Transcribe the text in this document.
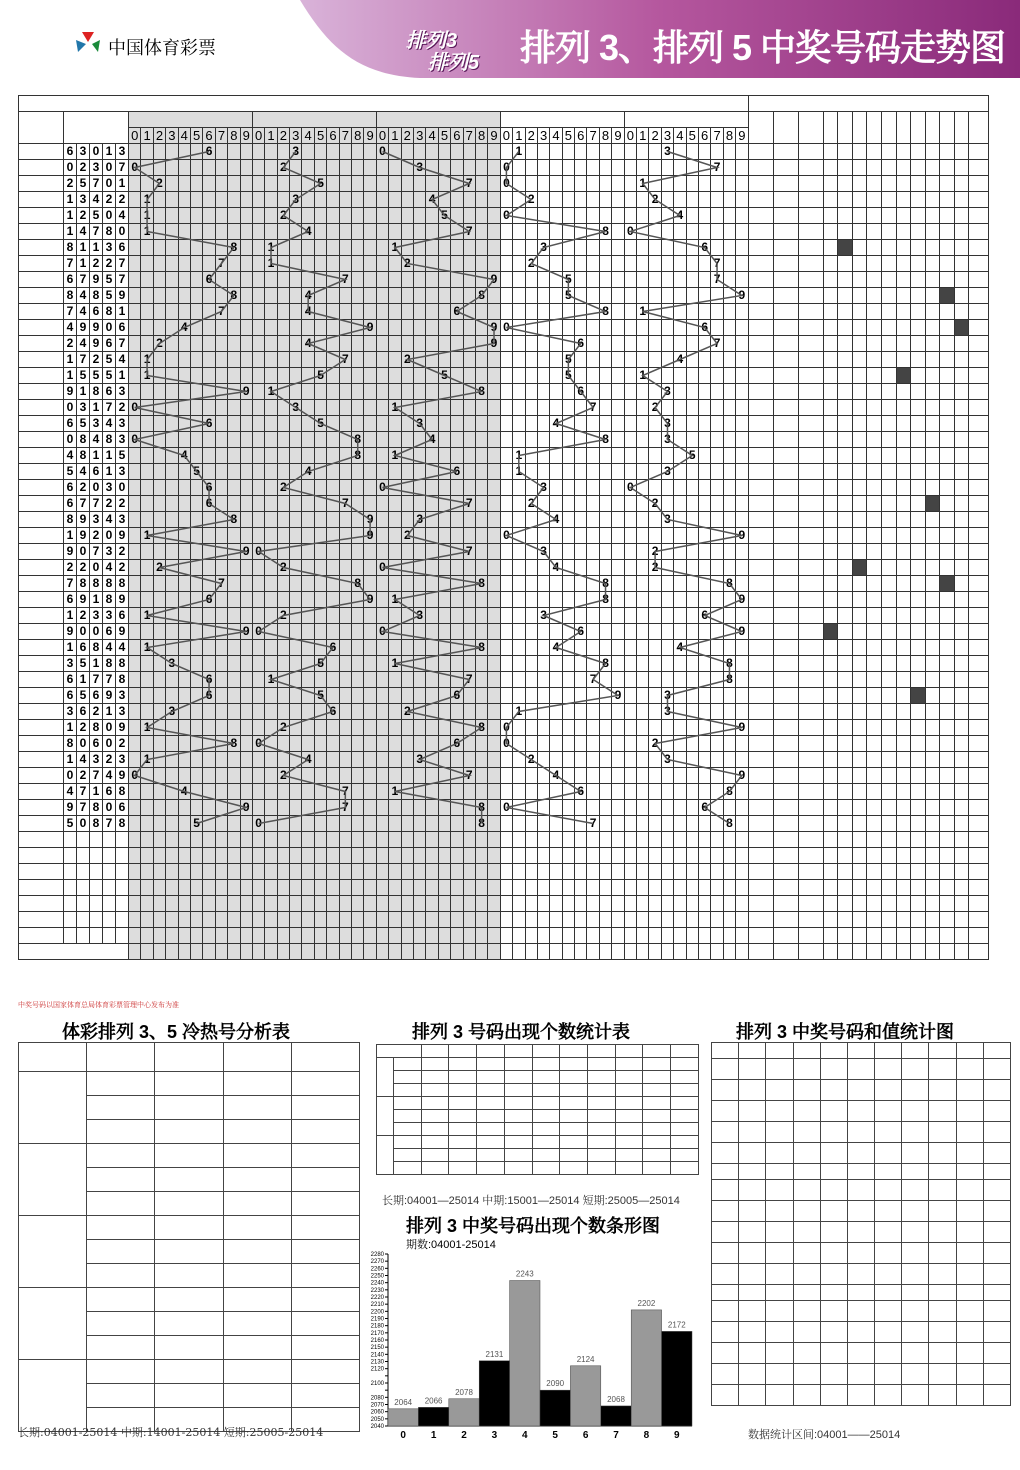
中国体育彩票	排列3
排列5 排列 3、排列 5 中奖号码走势图

0	1	2	3	4	5	6	7	8	9	0	1	2	3	4	5	6	7	8	9	0	1	2	3	4	5	6	7	8	9	0	1	2	3	4	5	6	7	8	9	0	1	2	3	4	5	6	7	8	9
	6	3	0	1	3							6							3							0											1												3																				
	0	2	3	0	7	0												2											3							0																	7																
	2	5	7	0	1			2													5												7			0											1																						
	1	3	4	2	2		1												3											4								2										2																					
	1	2	5	0	4		1											2													5					0														4																			
	1	4	7	8	0		1													4													7											8		0																							
	8	1	1	3	6									8			1										1												3													6																	
	7	1	2	2	7								7				1											2										2															7																
	6	7	9	5	7							6											7												9						5												7																
	8	4	8	5	9									8						4														8							5														9														
	7	4	6	8	1								7							4												6												8			1																						
	4	9	9	0	6					4															9										9	0																6																	
	2	4	9	6	7			2												4															9							6											7																
	1	7	2	5	4		1																7					2													5									4																			
	1	5	5	5	1		1														5										5										5						1																						
	9	1	8	6	3										9		1																	8								6							3																				
	0	3	1	7	2	0													3								1																7					2																					
	6	5	3	4	3							6									5								3											4									3																				
	0	8	4	8	3	0																		8						4														8					3																				
	4	8	1	1	5					4														8			1										1														5																		
	5	4	6	1	3						5									4												6					1												3																				
	6	2	0	3	0							6						2								0													3							0																							
	6	7	7	2	2							6											7										7					2										2																					
	8	9	3	4	3									8											9				3											4									3																				
	1	9	2	0	9		1																		9			2								0																			9														
	9	0	7	3	2										9	0																	7						3									2																					
	2	2	0	4	2			2										2								0														4								2																					
	7	8	8	8	8								7											8										8										8										8															
	6	9	1	8	9							6													9		1																	8											9														
	1	2	3	3	6		1											2											3										3													6																	
	9	0	0	6	9										9	0										0																6													9														
	1	6	8	4	4		1															6												8						4										4																			
	3	5	1	8	8				3												5						1																	8										8															
	6	1	7	7	8							6					1																7										7											8															
	6	5	6	9	3							6									5											6													9				3																				
	3	6	2	1	3				3													6						2									1												3																				
	1	2	8	0	9		1											2																8		0																			9														
	8	0	6	0	2									8		0																6				0												2																					
	1	4	3	2	3		1													4									3									2											3																				
	0	2	7	4	9	0												2															7							4															9														
	4	7	1	6	8					4													7				1															6												8															
	9	7	8	0	6										9								7											8		0																6																	
	5	0	8	7	8						5					0																		8									7											8															

中奖号码以国家体育总局体育彩票管理中心发布为准
体彩排列 3、5 冷热号分析表

长期:04001-25014 中期:14001-25014 短期:25005-25014
排列 3 号码出现个数统计表

长期:04001—25014 中期:15001—25014 短期:25005—25014
排列 3 中奖号码出现个数条形图
期数:04001-25014
2040
2050
2060
2070
2080
2100
2120
2130
2140
2150
2160
2170
2180
2190
2200
2210
2220
2230
2240
2250
2260
2270
2280
2064
0
2066
1
2078
2
2131
3
2243
4
2090
5
2124
6
2068
7
2202
8
2172
9
排列 3 中奖号码和值统计图

数据统计区间:04001——25014
